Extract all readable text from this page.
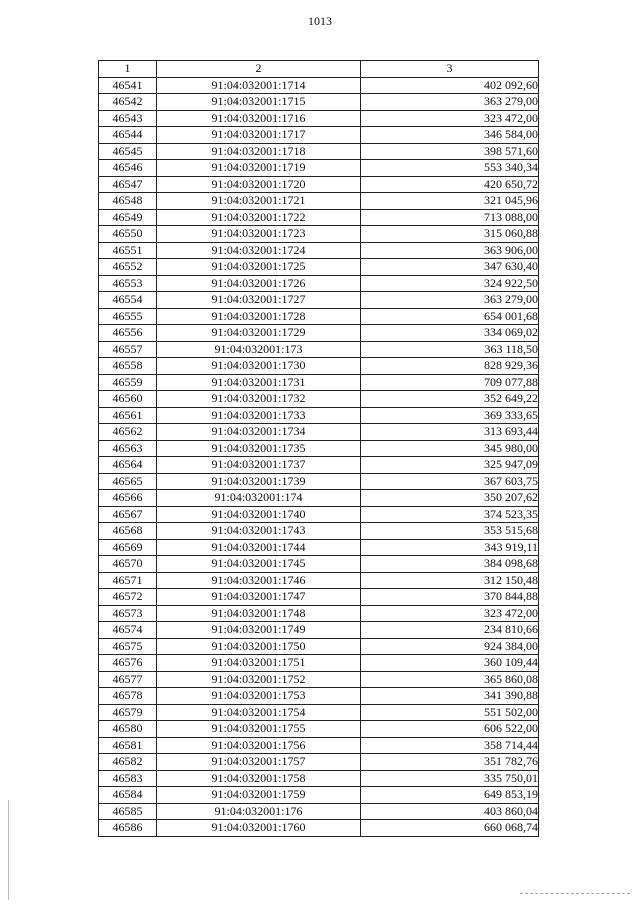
1013
1	2	3
46541	91:04:032001:1714	402 092,60
46542	91:04:032001:1715	363 279,00
46543	91:04:032001:1716	323 472,00
46544	91:04:032001:1717	346 584,00
46545	91:04:032001:1718	398 571,60
46546	91:04:032001:1719	553 340,34
46547	91:04:032001:1720	420 650,72
46548	91:04:032001:1721	321 045,96
46549	91:04:032001:1722	713 088,00
46550	91:04:032001:1723	315 060,88
46551	91:04:032001:1724	363 906,00
46552	91:04:032001:1725	347 630,40
46553	91:04:032001:1726	324 922,50
46554	91:04:032001:1727	363 279,00
46555	91:04:032001:1728	654 001,68
46556	91:04:032001:1729	334 069,02
46557	91:04:032001:173	363 118,50
46558	91:04:032001:1730	828 929,36
46559	91:04:032001:1731	709 077,88
46560	91:04:032001:1732	352 649,22
46561	91:04:032001:1733	369 333,65
46562	91:04:032001:1734	313 693,44
46563	91:04:032001:1735	345 980,00
46564	91:04:032001:1737	325 947,09
46565	91:04:032001:1739	367 603,75
46566	91:04:032001:174	350 207,62
46567	91:04:032001:1740	374 523,35
46568	91:04:032001:1743	353 515,68
46569	91:04:032001:1744	343 919,11
46570	91:04:032001:1745	384 098,68
46571	91:04:032001:1746	312 150,48
46572	91:04:032001:1747	370 844,88
46573	91:04:032001:1748	323 472,00
46574	91:04:032001:1749	234 810,66
46575	91:04:032001:1750	924 384,00
46576	91:04:032001:1751	360 109,44
46577	91:04:032001:1752	365 860,08
46578	91:04:032001:1753	341 390,88
46579	91:04:032001:1754	551 502,00
46580	91:04:032001:1755	606 522,00
46581	91:04:032001:1756	358 714,44
46582	91:04:032001:1757	351 782,76
46583	91:04:032001:1758	335 750,01
46584	91:04:032001:1759	649 853,19
46585	91:04:032001:176	403 860,04
46586	91:04:032001:1760	660 068,74
